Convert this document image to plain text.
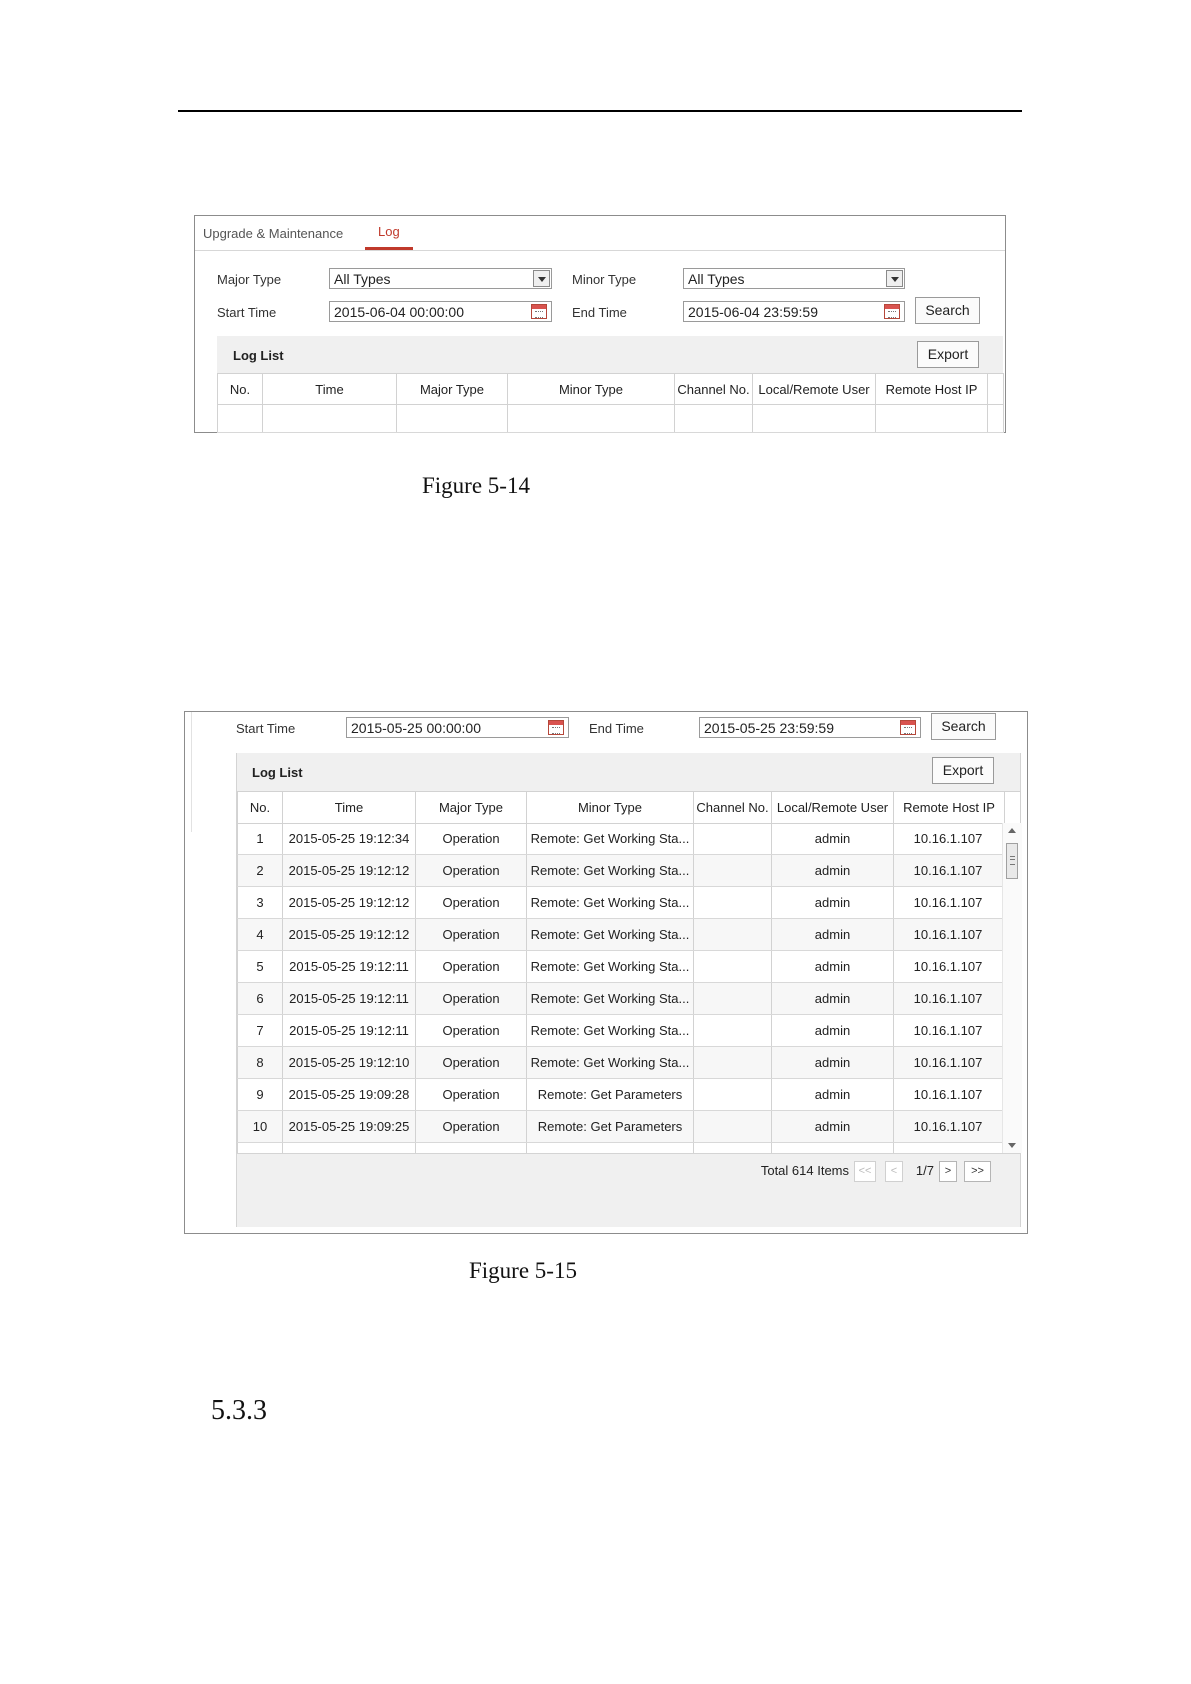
Upgrade & Maintenance	Log
Major Type	All Types	Minor Type	All Types
Start Time	2015-06-04 00:00:00	End Time	2015-06-04 23:59:59	Search
Log List	Export
No.	Time	Major Type	Minor Type	Channel No.	Local/Remote User	Remote Host IP	

Figure 5-14
Start Time	2015-05-25 00:00:00	End Time	2015-05-25 23:59:59	Search
Log List	Export
No.	Time	Major Type	Minor Type	Channel No.	Local/Remote User	Remote Host IP	
1	2015-05-25 19:12:34	Operation	Remote: Get Working Sta...		admin	10.16.1.107
2	2015-05-25 19:12:12	Operation	Remote: Get Working Sta...		admin	10.16.1.107
3	2015-05-25 19:12:12	Operation	Remote: Get Working Sta...		admin	10.16.1.107
4	2015-05-25 19:12:12	Operation	Remote: Get Working Sta...		admin	10.16.1.107
5	2015-05-25 19:12:11	Operation	Remote: Get Working Sta...		admin	10.16.1.107
6	2015-05-25 19:12:11	Operation	Remote: Get Working Sta...		admin	10.16.1.107
7	2015-05-25 19:12:11	Operation	Remote: Get Working Sta...		admin	10.16.1.107
8	2015-05-25 19:12:10	Operation	Remote: Get Working Sta...		admin	10.16.1.107
9	2015-05-25 19:09:28	Operation	Remote: Get Parameters		admin	10.16.1.107
10	2015-05-25 19:09:25	Operation	Remote: Get Parameters		admin	10.16.1.107

Total 614 Items <<	<	1/7 >	>>
Figure 5-15
5.3.3
